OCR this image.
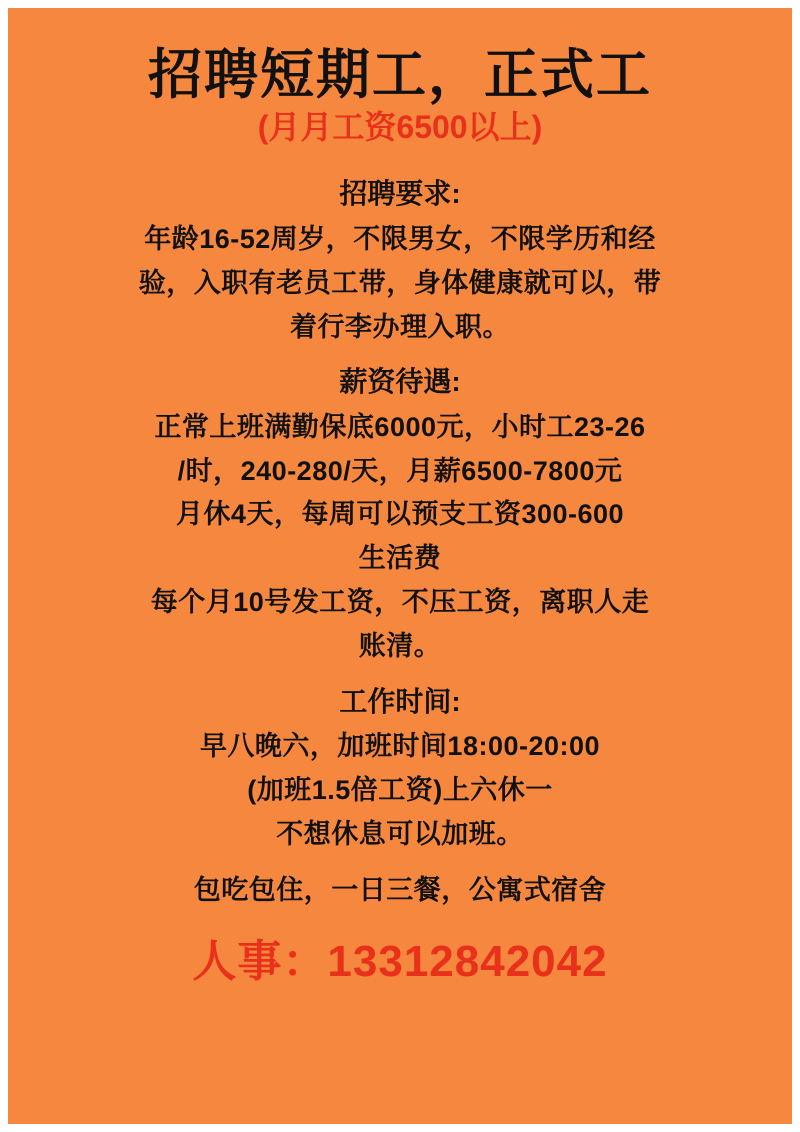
招聘短期工，正式工
(月月工资6500以上)
招聘要求:
年龄16-52周岁，不限男女，不限学历和经
验，入职有老员工带，身体健康就可以，带
着行李办理入职。
薪资待遇:
正常上班满勤保底6000元，小时工23-26
/时，240-280/天，月薪6500-7800元
月休4天，每周可以预支工资300-600
生活费
每个月10号发工资，不压工资，离职人走
账清。
工作时间:
早八晚六，加班时间18:00-20:00
(加班1.5倍工资)上六休一
不想休息可以加班。
包吃包住，一日三餐，公寓式宿舍
人事：13312842042
